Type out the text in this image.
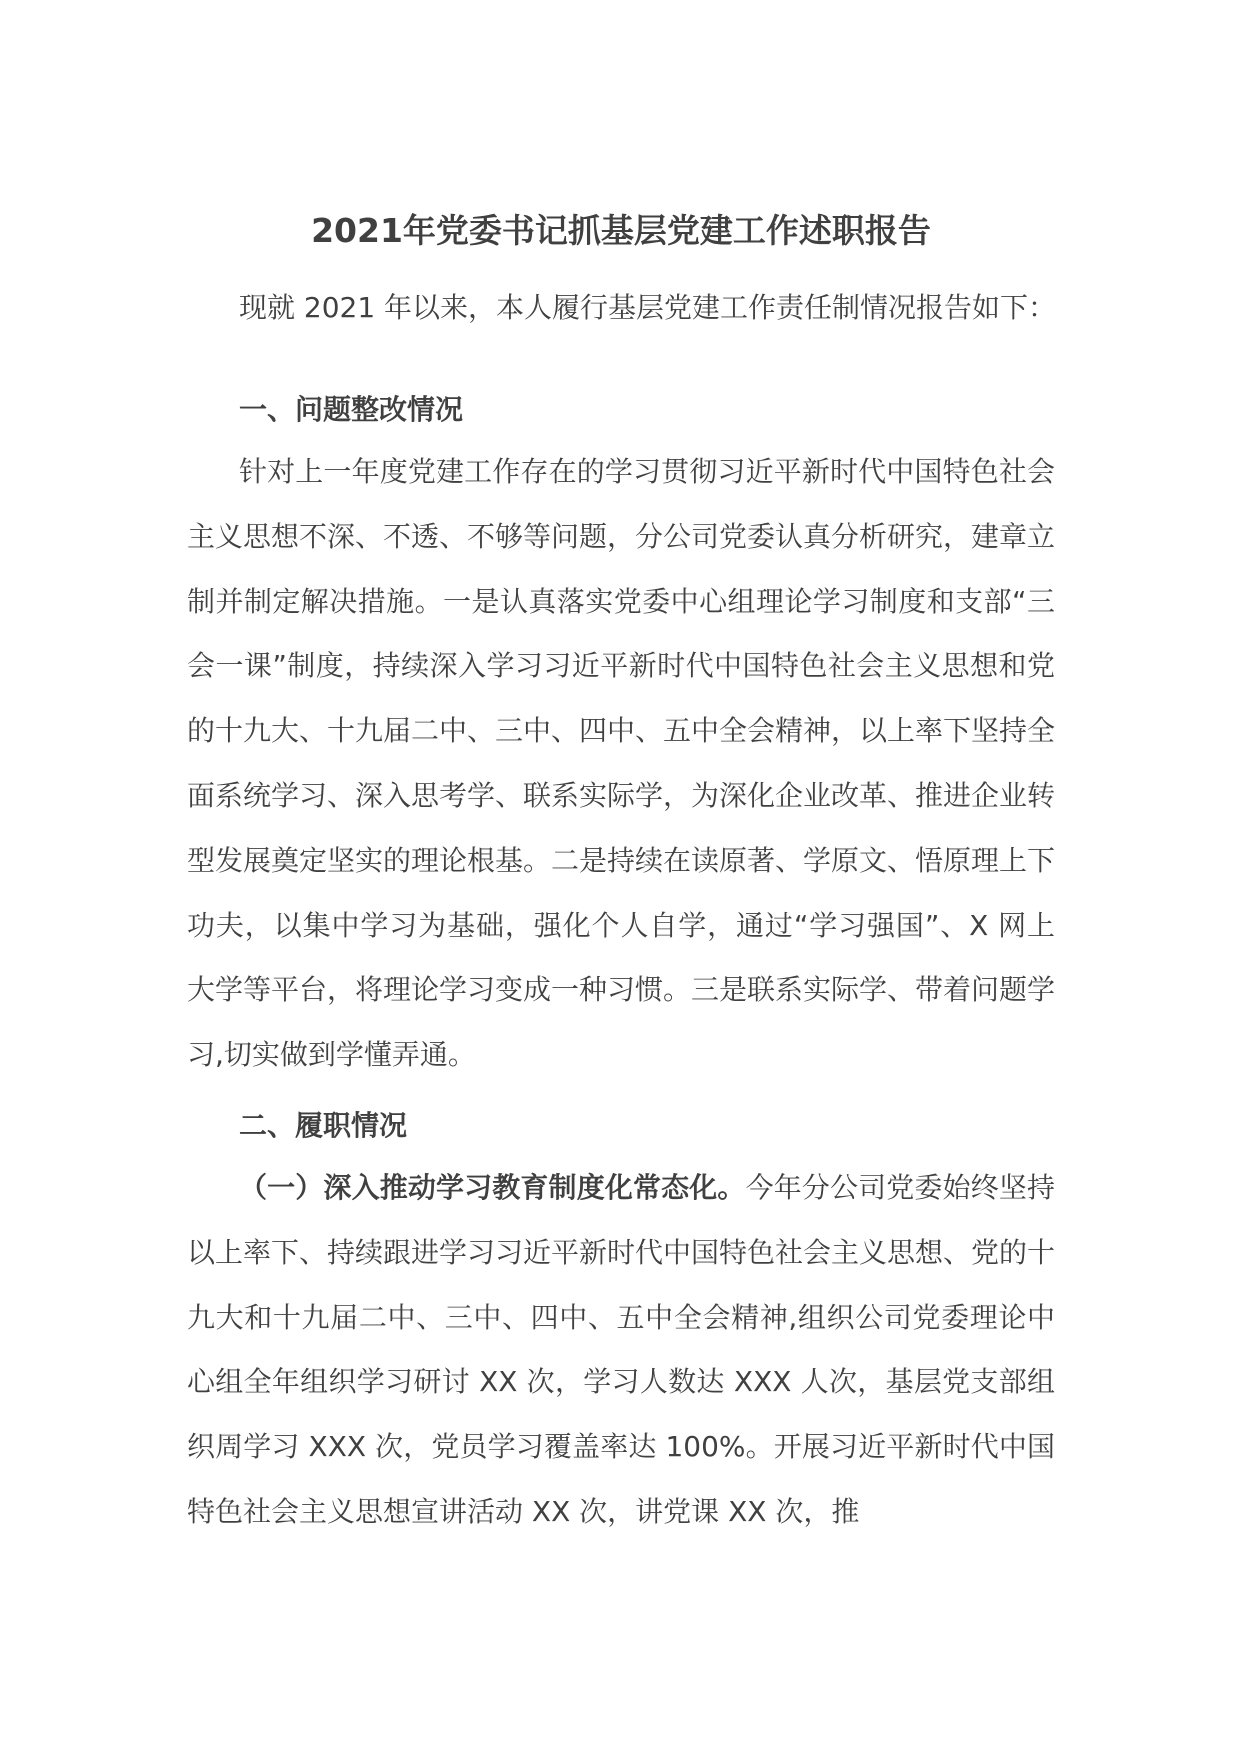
2021年党委书记抓基层党建工作述职报告
现就 2021 年以来，本人履行基层党建工作责任制情况报告如下：
一、问题整改情况
针对上一年度党建工作存在的学习贯彻习近平新时代中国特色社会主义思想不深、不透、不够等问题，分公司党委认真分析研究，建章立制并制定解决措施。一是认真落实党委中心组理论学习制度和支部“三会一课”制度，持续深入学习习近平新时代中国特色社会主义思想和党的十九大、十九届二中、三中、四中、五中全会精神，以上率下坚持全面系统学习、深入思考学、联系实际学，为深化企业改革、推进企业转型发展奠定坚实的理论根基。二是持续在读原著、学原文、悟原理上下功夫，以集中学习为基础，强化个人自学，通过“学习强国”、X 网上大学等平台，将理论学习变成一种习惯。三是联系实际学、带着问题学习,切实做到学懂弄通。
二、履职情况
（一）深入推动学习教育制度化常态化。今年分公司党委始终坚持以上率下、持续跟进学习习近平新时代中国特色社会主义思想、党的十九大和十九届二中、三中、四中、五中全会精神,组织公司党委理论中心组全年组织学习研讨 XX 次，学习人数达 XXX 人次，基层党支部组织周学习 XXX 次，党员学习覆盖率达 100%。开展习近平新时代中国特色社会主义思想宣讲活动 XX 次，讲党课 XX 次，推
